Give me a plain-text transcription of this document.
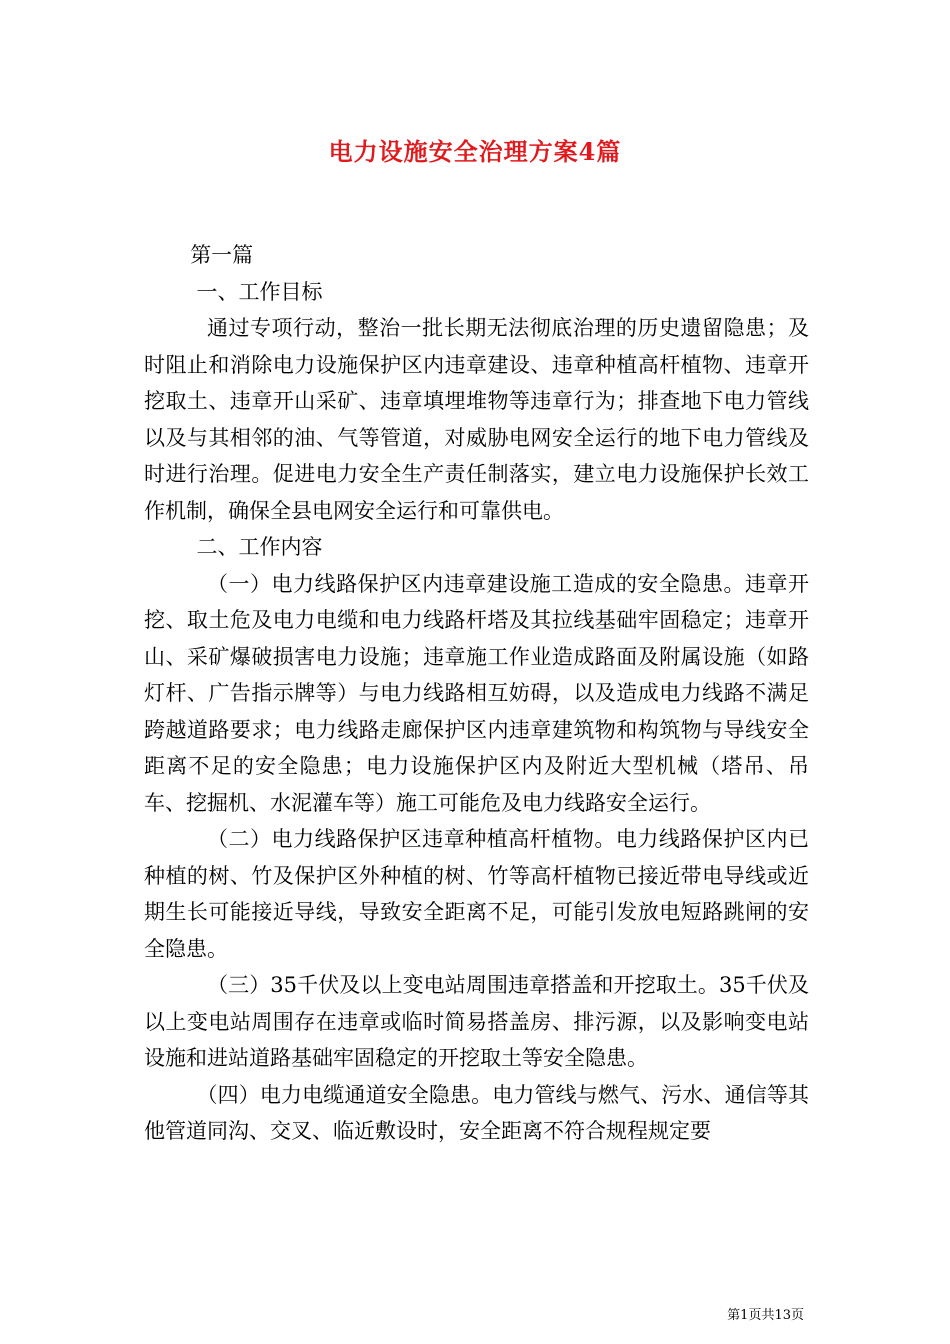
电力设施安全治理方案4篇

第一篇

一、工作目标

通过专项行动，整治一批长期无法彻底治理的历史遗留隐患；及时阻止和消除电力设施保护区内违章建设、违章种植高杆植物、违章开挖取土、违章开山采矿、违章填埋堆物等违章行为；排查地下电力管线以及与其相邻的油、气等管道，对威胁电网安全运行的地下电力管线及时进行治理。促进电力安全生产责任制落实，建立电力设施保护长效工作机制，确保全县电网安全运行和可靠供电。

二、工作内容

（一）电力线路保护区内违章建设施工造成的安全隐患。违章开挖、取土危及电力电缆和电力线路杆塔及其拉线基础牢固稳定；违章开山、采矿爆破损害电力设施；违章施工作业造成路面及附属设施（如路灯杆、广告指示牌等）与电力线路相互妨碍，以及造成电力线路不满足跨越道路要求；电力线路走廊保护区内违章建筑物和构筑物与导线安全距离不足的安全隐患；电力设施保护区内及附近大型机械（塔吊、吊车、挖掘机、水泥灌车等）施工可能危及电力线路安全运行。

（二）电力线路保护区违章种植高杆植物。电力线路保护区内已种植的树、竹及保护区外种植的树、竹等高杆植物已接近带电导线或近期生长可能接近导线，导致安全距离不足，可能引发放电短路跳闸的安全隐患。

（三）35千伏及以上变电站周围违章搭盖和开挖取土。35千伏及以上变电站周围存在违章或临时简易搭盖房、排污源，以及影响变电站设施和进站道路基础牢固稳定的开挖取土等安全隐患。

（四）电力电缆通道安全隐患。电力管线与燃气、污水、通信等其他管道同沟、交叉、临近敷设时，安全距离不符合规程规定要

第1页共13页
